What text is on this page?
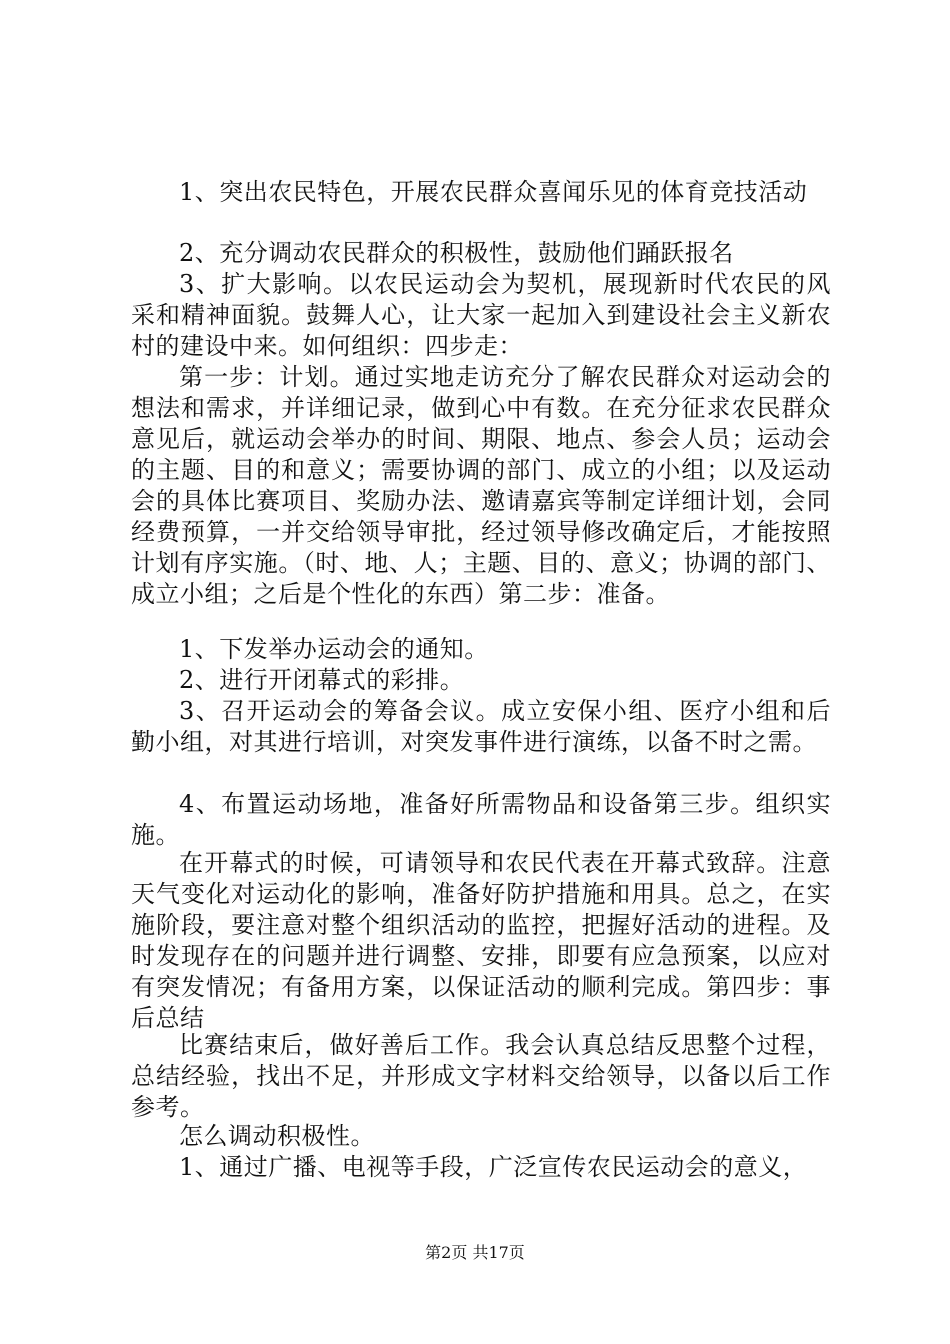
1、突出农民特色，开展农民群众喜闻乐见的体育竞技活动

2、充分调动农民群众的积极性，鼓励他们踊跃报名

3、扩大影响。以农民运动会为契机，展现新时代农民的风采和精神面貌。鼓舞人心，让大家一起加入到建设社会主义新农村的建设中来。如何组织：四步走：

第一步：计划。通过实地走访充分了解农民群众对运动会的想法和需求，并详细记录，做到心中有数。在充分征求农民群众意见后，就运动会举办的时间、期限、地点、参会人员；运动会的主题、目的和意义；需要协调的部门、成立的小组；以及运动会的具体比赛项目、奖励办法、邀请嘉宾等制定详细计划，会同经费预算，一并交给领导审批，经过领导修改确定后，才能按照计划有序实施。（时、地、人；主题、目的、意义；协调的部门、成立小组；之后是个性化的东西）第二步：准备。

1、下发举办运动会的通知。

2、进行开闭幕式的彩排。

3、召开运动会的筹备会议。成立安保小组、医疗小组和后勤小组，对其进行培训，对突发事件进行演练，以备不时之需。

4、布置运动场地，准备好所需物品和设备第三步。组织实施。

在开幕式的时候，可请领导和农民代表在开幕式致辞。注意天气变化对运动化的影响，准备好防护措施和用具。总之，在实施阶段，要注意对整个组织活动的监控，把握好活动的进程。及时发现存在的问题并进行调整、安排，即要有应急预案，以应对有突发情况；有备用方案，以保证活动的顺利完成。第四步：事后总结

比赛结束后，做好善后工作。我会认真总结反思整个过程，总结经验，找出不足，并形成文字材料交给领导，以备以后工作参考。

怎么调动积极性。

1、通过广播、电视等手段，广泛宣传农民运动会的意义，

第2页 共17页
